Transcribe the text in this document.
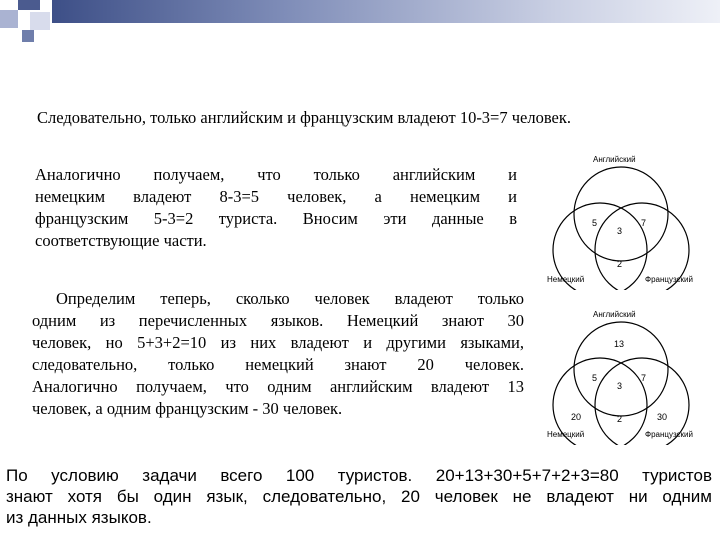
Следовательно, только английским и французским владеют 10-3=7 человек.
Аналогично получаем, что только английским и
немецким владеют 8-3=5 человек, а немецким и
французским 5-3=2 туриста. Вносим эти данные в
соответствующие части.
Определим теперь, сколько человек владеют только
одним из перечисленных языков. Немецкий знают 30
человек, но 5+3+2=10 из них владеют и другими языками,
следовательно, только немецкий знают 20 человек.
Аналогично получаем, что одним английским владеют 13
человек, а одним французским - 30 человек.
По условию задачи всего 100 туристов. 20+13+30+5+7+2+3=80 туристов
знают хотя бы один язык, следовательно, 20 человек не владеют ни одним
из данных языков.
Английский
Немецкий	Французский
5	7
3
2
Английский
Немецкий	Французский
13
5	7
3
2
20	30
